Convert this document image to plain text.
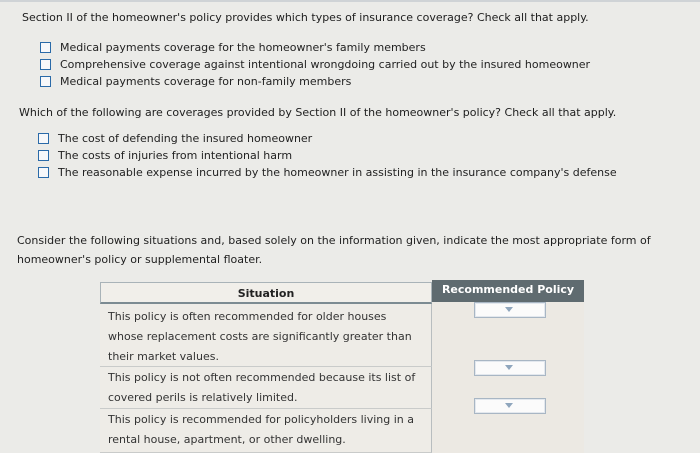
Section II of the homeowner's policy provides which types of insurance coverage? Check all that apply.
Medical payments coverage for the homeowner's family members
Comprehensive coverage against intentional wrongdoing carried out by the insured homeowner
Medical payments coverage for non-family members
Which of the following are coverages provided by Section II of the homeowner's policy? Check all that apply.
The cost of defending the insured homeowner
The costs of injuries from intentional harm
The reasonable expense incurred by the homeowner in assisting in the insurance company's defense
Consider the following situations and, based solely on the information given, indicate the most appropriate form of homeowner's policy or supplemental floater.
Situation	Recommended Policy
This policy is often recommended for older houses whose replacement costs are significantly greater than their market values.
This policy is not often recommended because its list of covered perils is relatively limited.
This policy is recommended for policyholders living in a rental house, apartment, or other dwelling.
